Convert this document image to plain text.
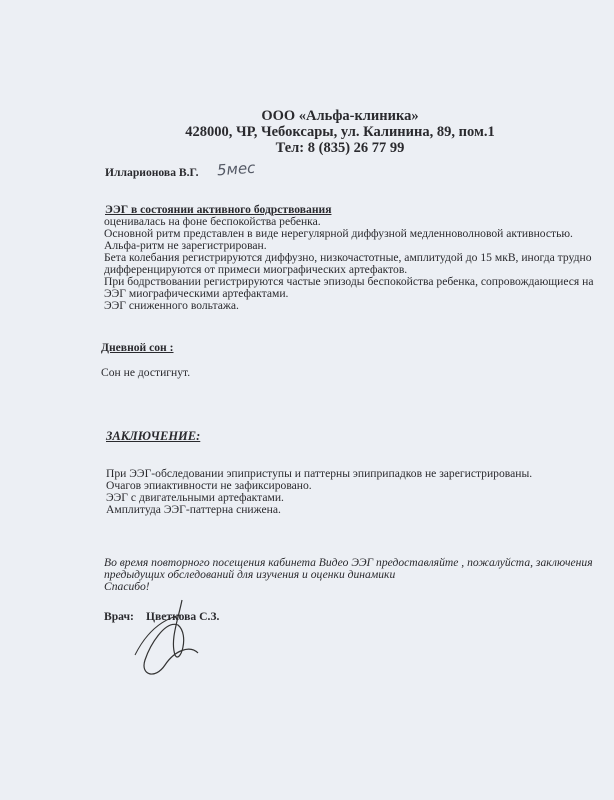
ООО «Альфа-клиника»
428000, ЧР, Чебоксары, ул. Калинина, 89, пом.1
Тел: 8 (835) 26 77 99
Илларионова В.Г. 5мес
ЭЭГ в состоянии активного бодрствования
оценивалась на фоне беспокойства ребенка.
Основной ритм представлен в виде нерегулярной диффузной медленноволновой активностью.
Альфа-ритм не зарегистрирован.
Бета колебания регистрируются диффузно, низкочастотные, амплитудой до 15 мкВ, иногда трудно
дифференцируются от примеси миографических артефактов.
При бодрствовании регистрируются частые эпизоды беспокойства ребенка, сопровождающиеся на
ЭЭГ миографическими артефактами.
ЭЭГ сниженного вольтажа.
Дневной сон :
Сон не достигнут.
ЗАКЛЮЧЕНИЕ:
При ЭЭГ-обследовании эпиприступы и паттерны эпиприпадков не зарегистрированы.
Очагов эпиактивности не зафиксировано.
ЭЭГ с двигательными артефактами.
Амплитуда ЭЭГ-паттерна снижена.
Во время повторного посещения кабинета Видео ЭЭГ предоставляйте , пожалуйста, заключения
предыдущих обследований для изучения и оценки динамики
Спасибо!
Врач: Цветкова С.З.
